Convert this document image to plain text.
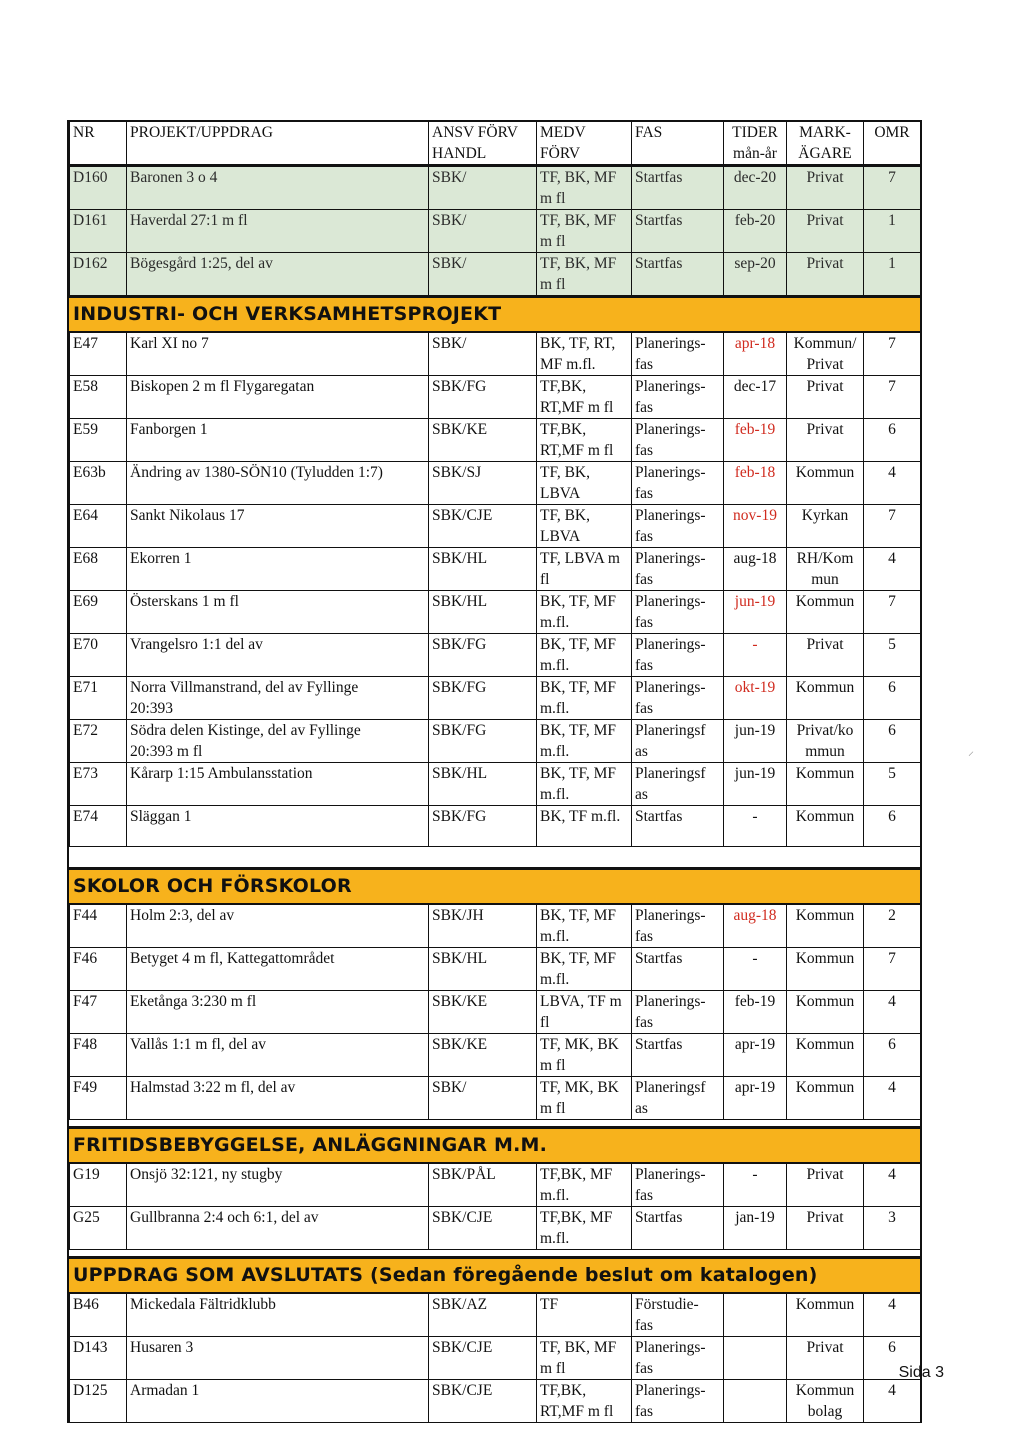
NR	PROJEKT/UPPDRAG	ANSV FÖRV
HANDL	MEDV
FÖRV	FAS	TIDER
mån-år	MARK-
ÄGARE	OMR
D160	Baronen 3 o 4	SBK/	TF, BK, MF
m fl	Startfas	dec-20	Privat	7
D161	Haverdal 27:1 m fl	SBK/	TF, BK, MF
m fl	Startfas	feb-20	Privat	1
D162	Bögesgård 1:25, del av	SBK/	TF, BK, MF
m fl	Startfas	sep-20	Privat	1
INDUSTRI- OCH VERKSAMHETSPROJEKT
E47	Karl XI no 7	SBK/	BK, TF, RT,
MF m.fl.	Planerings-
fas	apr-18	Kommun/
Privat	7
E58	Biskopen 2 m fl Flygaregatan	SBK/FG	TF,BK,
RT,MF m fl	Planerings-
fas	dec-17	Privat	7
E59	Fanborgen 1	SBK/KE	TF,BK,
RT,MF m fl	Planerings-
fas	feb-19	Privat	6
E63b	Ändring av 1380-SÖN10 (Tyludden 1:7)	SBK/SJ	TF, BK,
LBVA	Planerings-
fas	feb-18	Kommun	4
E64	Sankt Nikolaus 17	SBK/CJE	TF, BK,
LBVA	Planerings-
fas	nov-19	Kyrkan	7
E68	Ekorren 1	SBK/HL	TF, LBVA m
fl	Planerings-
fas	aug-18	RH/Kom
mun	4
E69	Österskans 1 m fl	SBK/HL	BK, TF, MF
m.fl.	Planerings-
fas	jun-19	Kommun	7
E70	Vrangelsro 1:1 del av	SBK/FG	BK, TF, MF
m.fl.	Planerings-
fas	-	Privat	5
E71	Norra Villmanstrand, del av Fyllinge
20:393	SBK/FG	BK, TF, MF
m.fl.	Planerings-
fas	okt-19	Kommun	6
E72	Södra delen Kistinge, del av Fyllinge
20:393 m fl	SBK/FG	BK, TF, MF
m.fl.	Planeringsf
as	jun-19	Privat/ko
mmun	6
E73	Kårarp 1:15 Ambulansstation	SBK/HL	BK, TF, MF
m.fl.	Planeringsf
as	jun-19	Kommun	5
E74	Släggan 1	SBK/FG	BK, TF m.fl.	Startfas	-	Kommun	6
SKOLOR OCH FÖRSKOLOR
F44	Holm 2:3, del av	SBK/JH	BK, TF, MF
m.fl.	Planerings-
fas	aug-18	Kommun	2
F46	Betyget 4 m fl, Kattegattområdet	SBK/HL	BK, TF, MF
m.fl.	Startfas	-	Kommun	7
F47	Eketånga 3:230 m fl	SBK/KE	LBVA, TF m
fl	Planerings-
fas	feb-19	Kommun	4
F48	Vallås 1:1 m fl, del av	SBK/KE	TF, MK, BK
m fl	Startfas	apr-19	Kommun	6
F49	Halmstad 3:22 m fl, del av	SBK/	TF, MK, BK
m fl	Planeringsf
as	apr-19	Kommun	4
FRITIDSBEBYGGELSE, ANLÄGGNINGAR M.M.
G19	Onsjö 32:121, ny stugby	SBK/PÅL	TF,BK, MF
m.fl.	Planerings-
fas	-	Privat	4
G25	Gullbranna 2:4 och 6:1, del av	SBK/CJE	TF,BK, MF
m.fl.	Startfas	jan-19	Privat	3
UPPDRAG SOM AVSLUTATS (Sedan föregående beslut om katalogen)
B46	Mickedala Fältridklubb	SBK/AZ	TF	Förstudie-
fas		Kommun	4
D143	Husaren 3	SBK/CJE	TF, BK, MF
m fl	Planerings-
fas		Privat	6
D125	Armadan 1	SBK/CJE	TF,BK,
RT,MF m fl	Planerings-
fas		Kommun
bolag	4
⸝
Sida 3
